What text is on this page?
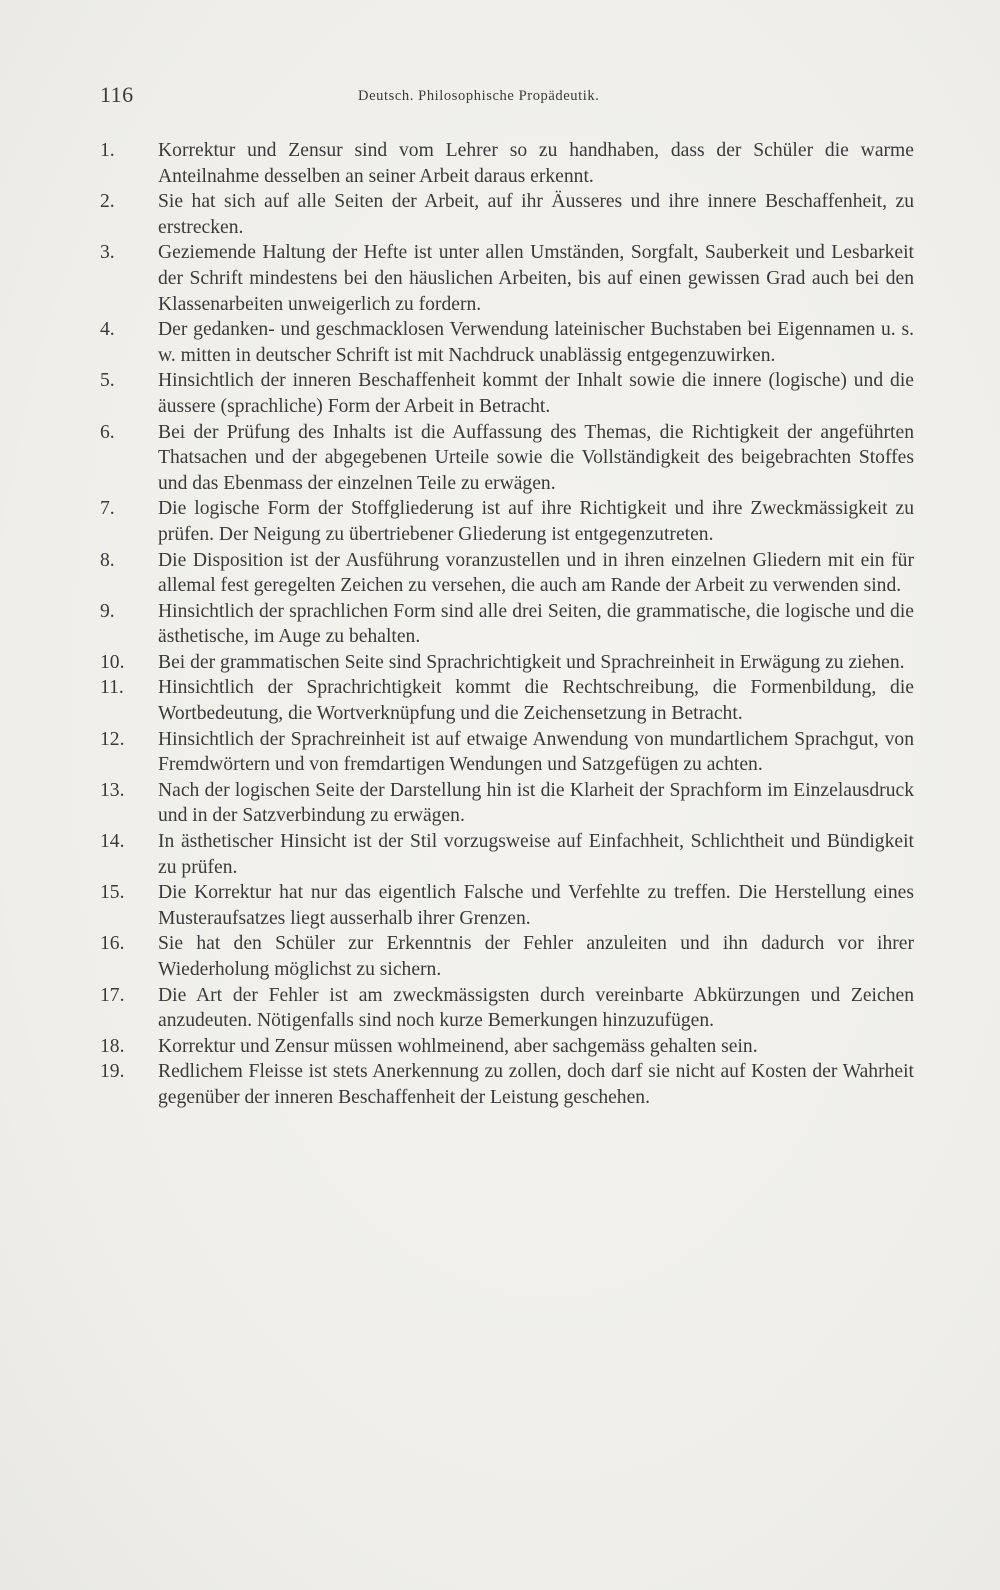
116	Deutsch. Philosophische Propädeutik.
1.	Korrektur und Zensur sind vom Lehrer so zu handhaben, dass der Schüler die warme Anteilnahme desselben an seiner Arbeit daraus erkennt.
2.	Sie hat sich auf alle Seiten der Arbeit, auf ihr Äusseres und ihre innere Beschaffenheit, zu erstrecken.
3.	Geziemende Haltung der Hefte ist unter allen Umständen, Sorgfalt, Sauberkeit und Lesbarkeit der Schrift mindestens bei den häuslichen Arbeiten, bis auf einen gewissen Grad auch bei den Klassenarbeiten unweigerlich zu fordern.
4.	Der gedanken- und geschmacklosen Verwendung lateinischer Buchstaben bei Eigennamen u. s. w. mitten in deutscher Schrift ist mit Nachdruck unablässig entgegenzuwirken.
5.	Hinsichtlich der inneren Beschaffenheit kommt der Inhalt sowie die innere (logische) und die äussere (sprachliche) Form der Arbeit in Betracht.
6.	Bei der Prüfung des Inhalts ist die Auffassung des Themas, die Richtigkeit der angeführten Thatsachen und der abgegebenen Urteile sowie die Vollständigkeit des beigebrachten Stoffes und das Ebenmass der einzelnen Teile zu erwägen.
7.	Die logische Form der Stoffgliederung ist auf ihre Richtigkeit und ihre Zweckmässigkeit zu prüfen. Der Neigung zu übertriebener Gliederung ist entgegenzutreten.
8.	Die Disposition ist der Ausführung voranzustellen und in ihren einzelnen Gliedern mit ein für allemal fest geregelten Zeichen zu versehen, die auch am Rande der Arbeit zu verwenden sind.
9.	Hinsichtlich der sprachlichen Form sind alle drei Seiten, die grammatische, die logische und die ästhetische, im Auge zu behalten.
10.	Bei der grammatischen Seite sind Sprachrichtigkeit und Sprachreinheit in Erwägung zu ziehen.
11.	Hinsichtlich der Sprachrichtigkeit kommt die Rechtschreibung, die Formenbildung, die Wortbedeutung, die Wortverknüpfung und die Zeichensetzung in Betracht.
12.	Hinsichtlich der Sprachreinheit ist auf etwaige Anwendung von mundartlichem Sprachgut, von Fremdwörtern und von fremdartigen Wendungen und Satzgefügen zu achten.
13.	Nach der logischen Seite der Darstellung hin ist die Klarheit der Sprachform im Einzelausdruck und in der Satzverbindung zu erwägen.
14.	In ästhetischer Hinsicht ist der Stil vorzugsweise auf Einfachheit, Schlichtheit und Bündigkeit zu prüfen.
15.	Die Korrektur hat nur das eigentlich Falsche und Verfehlte zu treffen. Die Herstellung eines Musteraufsatzes liegt ausserhalb ihrer Grenzen.
16.	Sie hat den Schüler zur Erkenntnis der Fehler anzuleiten und ihn dadurch vor ihrer Wiederholung möglichst zu sichern.
17.	Die Art der Fehler ist am zweckmässigsten durch vereinbarte Abkürzungen und Zeichen anzudeuten. Nötigenfalls sind noch kurze Bemerkungen hinzuzufügen.
18.	Korrektur und Zensur müssen wohlmeinend, aber sachgemäss gehalten sein.
19.	Redlichem Fleisse ist stets Anerkennung zu zollen, doch darf sie nicht auf Kosten der Wahrheit gegenüber der inneren Beschaffenheit der Leistung geschehen.
